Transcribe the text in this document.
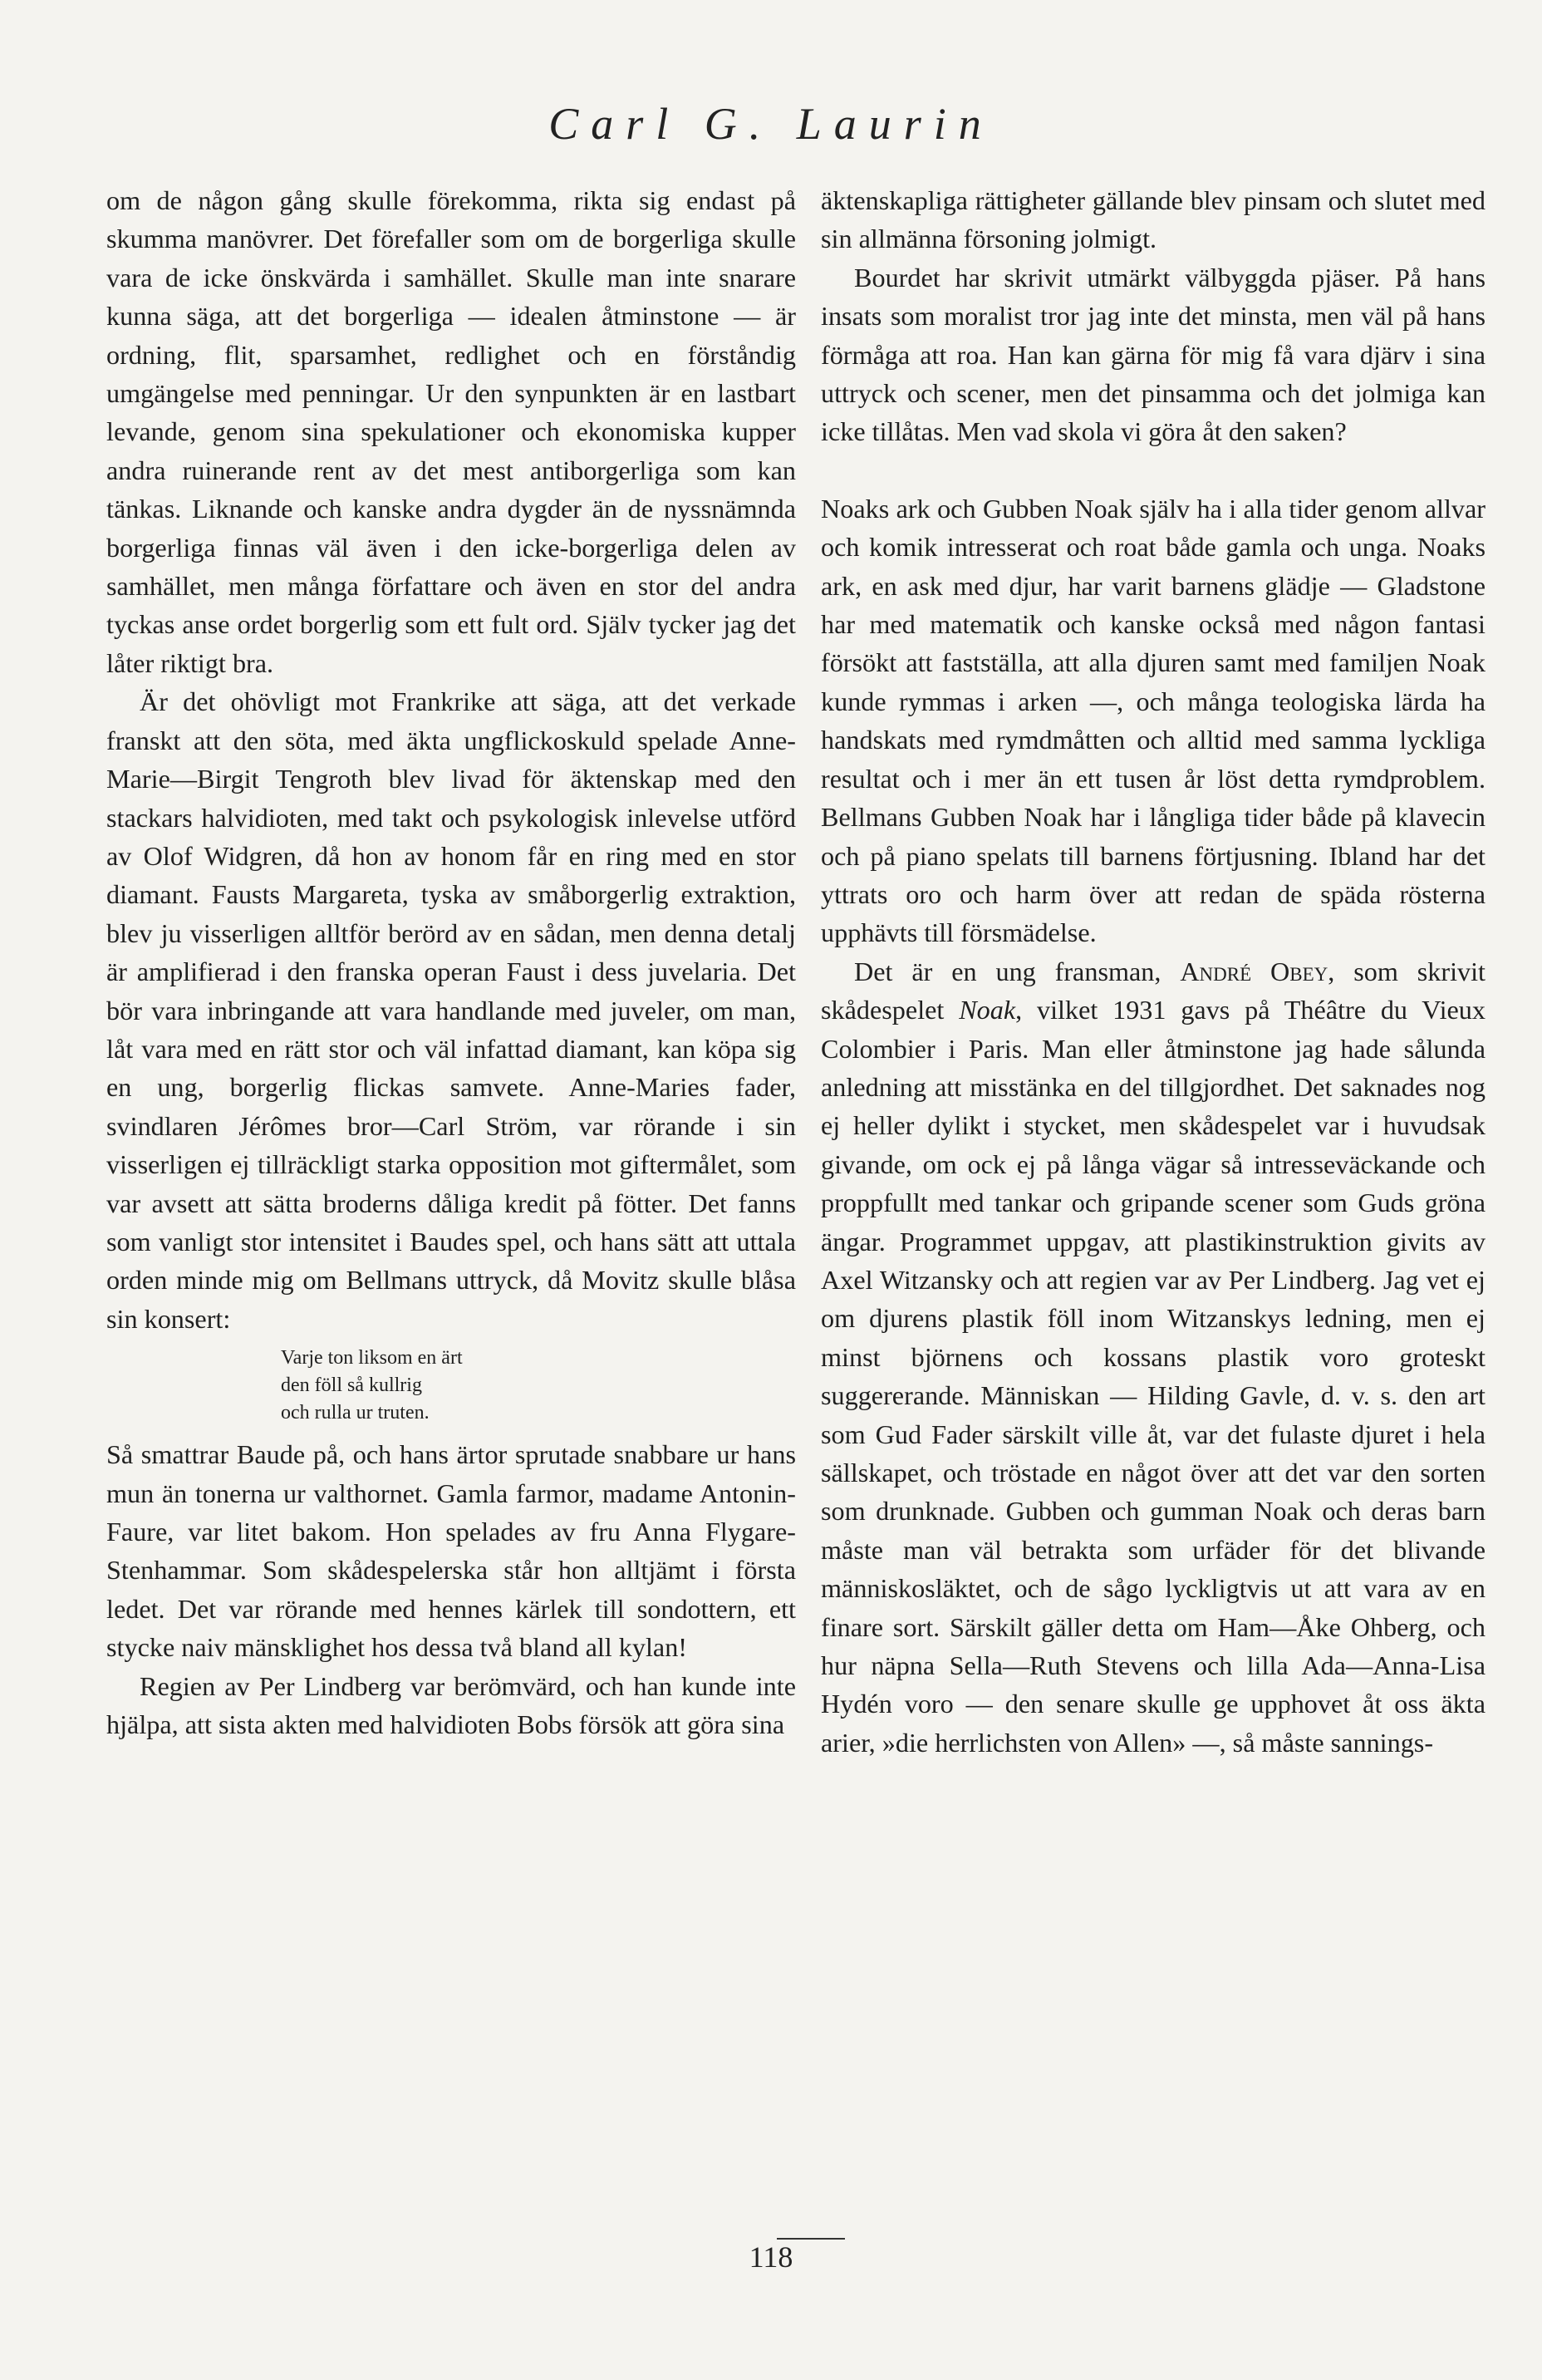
Carl G. Laurin

om de någon gång skulle förekomma, rikta sig endast på skumma manövrer. Det förefaller som om de borgerliga skulle vara de icke önskvärda i samhället. Skulle man inte snarare kunna säga, att det borgerliga — idealen åtminstone — är ordning, flit, sparsamhet, redlighet och en förståndig umgängelse med penningar. Ur den synpunkten är en lastbart levande, genom sina spekulationer och ekonomiska kupper andra ruinerande rent av det mest antiborgerliga som kan tänkas. Liknande och kanske andra dygder än de nyssnämnda borgerliga finnas väl även i den icke-borgerliga delen av samhället, men många författare och även en stor del andra tyckas anse ordet borgerlig som ett fult ord. Själv tycker jag det låter riktigt bra.

Är det ohövligt mot Frankrike att säga, att det verkade franskt att den söta, med äkta ungflickoskuld spelade Anne-Marie—Birgit Tengroth blev livad för äktenskap med den stackars halvidioten, med takt och psykologisk inlevelse utförd av Olof Widgren, då hon av honom får en ring med en stor diamant. Fausts Margareta, tyska av småborgerlig extraktion, blev ju visserligen alltför berörd av en sådan, men denna detalj är amplifierad i den franska operan Faust i dess juvelaria. Det bör vara inbringande att vara handlande med juveler, om man, låt vara med en rätt stor och väl infattad diamant, kan köpa sig en ung, borgerlig flickas samvete. Anne-Maries fader, svindlaren Jérômes bror—Carl Ström, var rörande i sin visserligen ej tillräckligt starka opposition mot giftermålet, som var avsett att sätta broderns dåliga kredit på fötter. Det fanns som vanligt stor intensitet i Baudes spel, och hans sätt att uttala orden minde mig om Bellmans uttryck, då Movitz skulle blåsa sin konsert:

Varje ton liksom en ärt
den föll så kullrig
och rulla ur truten.

Så smattrar Baude på, och hans ärtor sprutade snabbare ur hans mun än tonerna ur valthornet. Gamla farmor, madame Antonin-Faure, var litet bakom. Hon spelades av fru Anna Flygare-Stenhammar. Som skådespelerska står hon alltjämt i första ledet. Det var rörande med hennes kärlek till sondottern, ett stycke naiv mänsklighet hos dessa två bland all kylan!

Regien av Per Lindberg var berömvärd, och han kunde inte hjälpa, att sista akten med halvidioten Bobs försök att göra sina

äktenskapliga rättigheter gällande blev pinsam och slutet med sin allmänna försoning jolmigt.

Bourdet har skrivit utmärkt välbyggda pjäser. På hans insats som moralist tror jag inte det minsta, men väl på hans förmåga att roa. Han kan gärna för mig få vara djärv i sina uttryck och scener, men det pinsamma och det jolmiga kan icke tillåtas. Men vad skola vi göra åt den saken?

Noaks ark och Gubben Noak själv ha i alla tider genom allvar och komik intresserat och roat både gamla och unga. Noaks ark, en ask med djur, har varit barnens glädje — Gladstone har med matematik och kanske också med någon fantasi försökt att fastställa, att alla djuren samt med familjen Noak kunde rymmas i arken —, och många teologiska lärda ha handskats med rymdmåtten och alltid med samma lyckliga resultat och i mer än ett tusen år löst detta rymdproblem. Bellmans Gubben Noak har i långliga tider både på klavecin och på piano spelats till barnens förtjusning. Ibland har det yttrats oro och harm över att redan de späda rösterna upphävts till försmädelse.

Det är en ung fransman, André Obey, som skrivit skådespelet Noak, vilket 1931 gavs på Théâtre du Vieux Colombier i Paris. Man eller åtminstone jag hade sålunda anledning att misstänka en del tillgjordhet. Det saknades nog ej heller dylikt i stycket, men skådespelet var i huvudsak givande, om ock ej på långa vägar så intresseväckande och proppfullt med tankar och gripande scener som Guds gröna ängar. Programmet uppgav, att plastikinstruktion givits av Axel Witzansky och att regien var av Per Lindberg. Jag vet ej om djurens plastik föll inom Witzanskys ledning, men ej minst björnens och kossans plastik voro groteskt suggererande. Människan — Hilding Gavle, d. v. s. den art som Gud Fader särskilt ville åt, var det fulaste djuret i hela sällskapet, och tröstade en något över att det var den sorten som drunknade. Gubben och gumman Noak och deras barn måste man väl betrakta som urfäder för det blivande människosläktet, och de sågo lyckligtvis ut att vara av en finare sort. Särskilt gäller detta om Ham—Åke Ohberg, och hur näpna Sella—Ruth Stevens och lilla Ada—Anna-Lisa Hydén voro — den senare skulle ge upphovet åt oss äkta arier, »die herrlichsten von Allen» —, så måste sannings-

118
